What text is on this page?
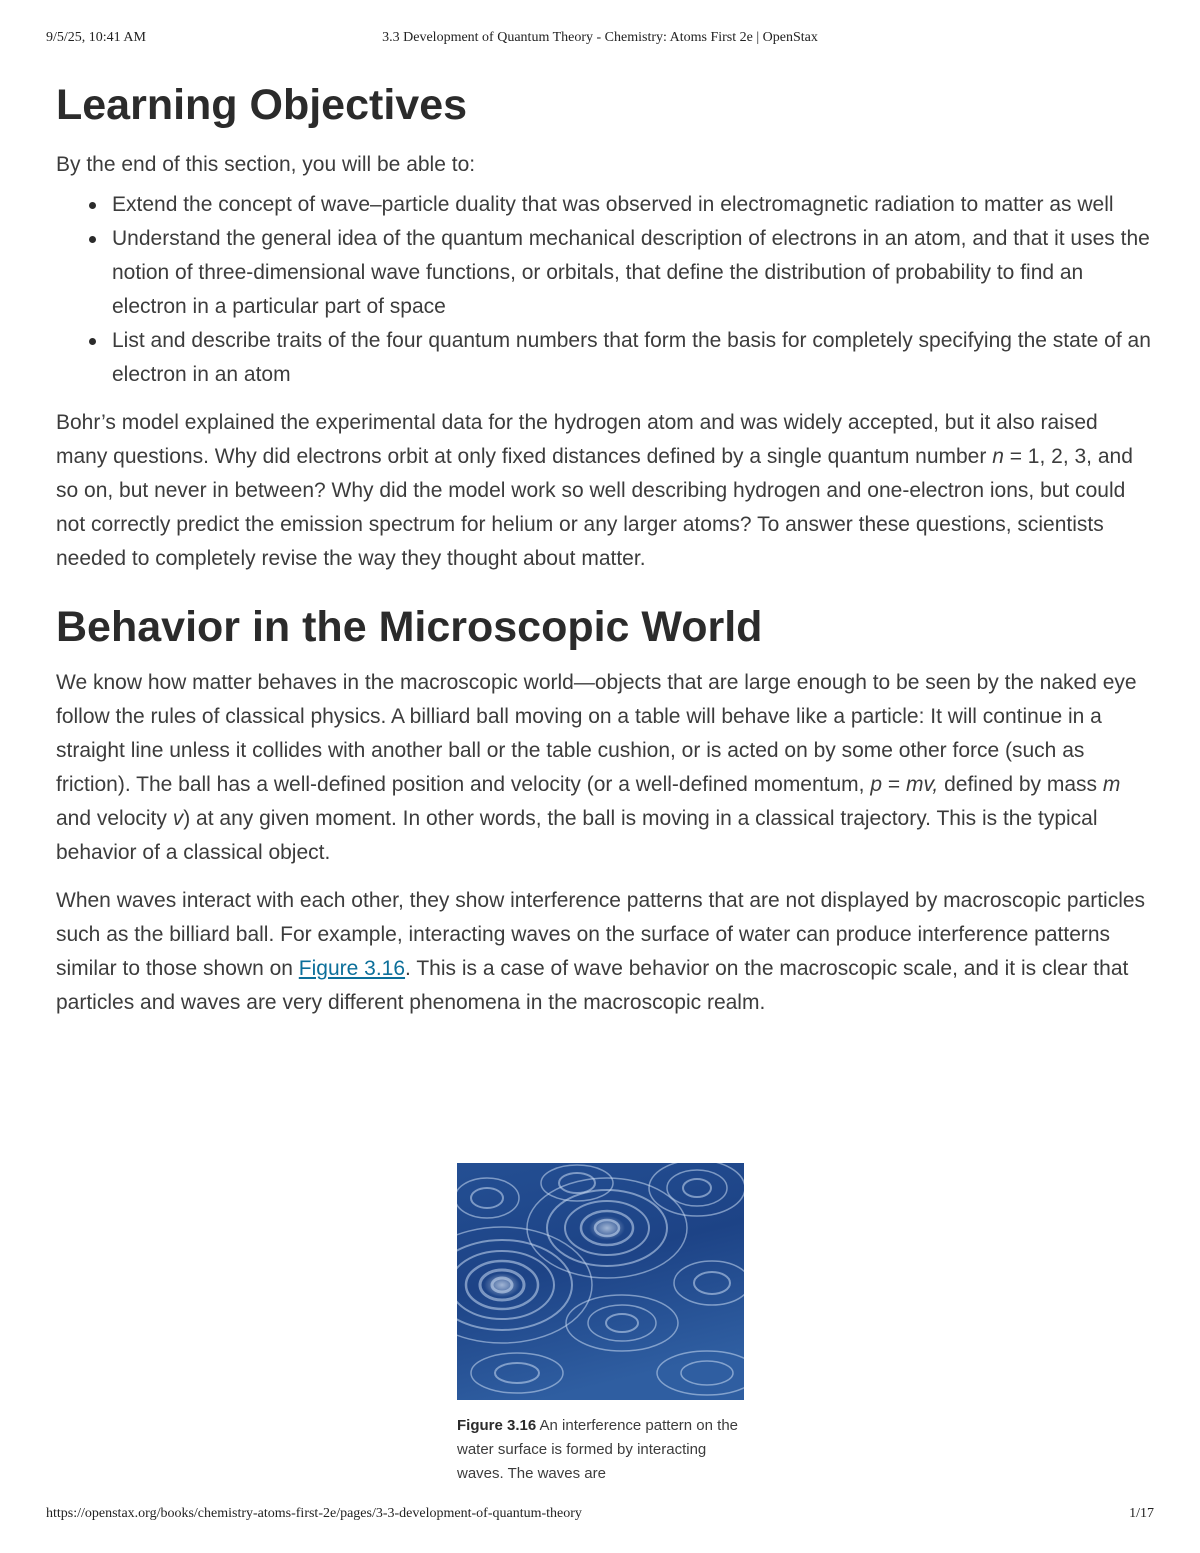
9/5/25, 10:41 AM	3.3 Development of Quantum Theory - Chemistry: Atoms First 2e | OpenStax
Learning Objectives

By the end of this section, you will be able to:

Extend the concept of wave–particle duality that was observed in electromagnetic radiation to matter as well
Understand the general idea of the quantum mechanical description of electrons in an atom, and that it uses the notion of three-dimensional wave functions, or orbitals, that define the distribution of probability to find an electron in a particular part of space
List and describe traits of the four quantum numbers that form the basis for completely specifying the state of an electron in an atom

Bohr’s model explained the experimental data for the hydrogen atom and was widely accepted, but it also raised many questions. Why did electrons orbit at only fixed distances defined by a single quantum number n = 1, 2, 3, and so on, but never in between? Why did the model work so well describing hydrogen and one-electron ions, but could not correctly predict the emission spectrum for helium or any larger atoms? To answer these questions, scientists needed to completely revise the way they thought about matter.

Behavior in the Microscopic World

We know how matter behaves in the macroscopic world—objects that are large enough to be seen by the naked eye follow the rules of classical physics. A billiard ball moving on a table will behave like a particle: It will continue in a straight line unless it collides with another ball or the table cushion, or is acted on by some other force (such as friction). The ball has a well-defined position and velocity (or a well-defined momentum, p = mv, defined by mass m and velocity v) at any given moment. In other words, the ball is moving in a classical trajectory. This is the typical behavior of a classical object.

When waves interact with each other, they show interference patterns that are not displayed by macroscopic particles such as the billiard ball. For example, interacting waves on the surface of water can produce interference patterns similar to those shown on Figure 3.16. This is a case of wave behavior on the macroscopic scale, and it is clear that particles and waves are very different phenomena in the macroscopic realm.

Figure 3.16 An interference pattern on the water surface is formed by interacting waves. The waves are
https://openstax.org/books/chemistry-atoms-first-2e/pages/3-3-development-of-quantum-theory	1/17
